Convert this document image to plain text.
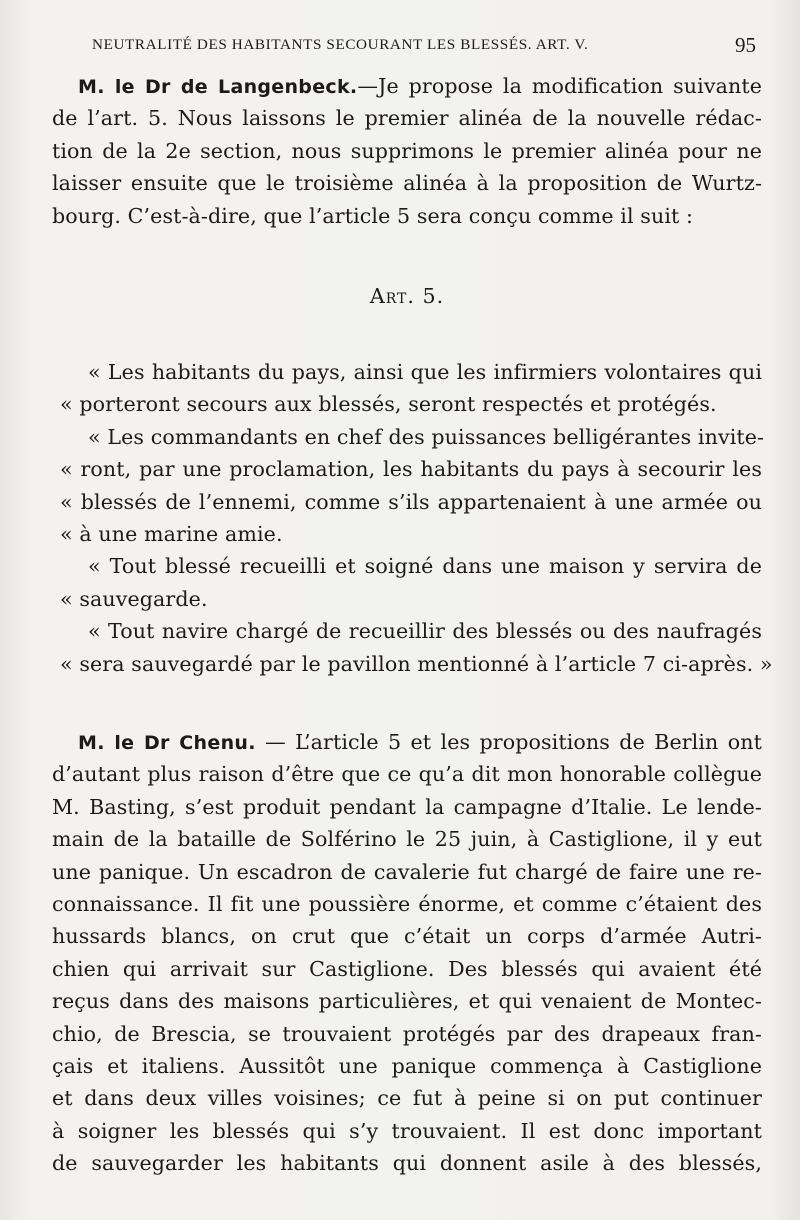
NEUTRALITÉ DES HABITANTS SECOURANT LES BLESSÉS. ART. V.	95
M. le Dr de Langenbeck.—Je propose la modification suivante
de l’art. 5. Nous laissons le premier alinéa de la nouvelle rédac-
tion de la 2e section, nous supprimons le premier alinéa pour ne
laisser ensuite que le troisième alinéa à la proposition de Wurtz-
bourg. C’est-à-dire, que l’article 5 sera conçu comme il suit :
Art. 5.
« Les habitants du pays, ainsi que les infirmiers volontaires qui
« porteront secours aux blessés, seront respectés et protégés.
« Les commandants en chef des puissances belligérantes invite-
« ront, par une proclamation, les habitants du pays à secourir les
« blessés de l’ennemi, comme s’ils appartenaient à une armée ou
« à une marine amie.
« Tout blessé recueilli et soigné dans une maison y servira de
« sauvegarde.
« Tout navire chargé de recueillir des blessés ou des naufragés
« sera sauvegardé par le pavillon mentionné à l’article 7 ci-après. »
M. le Dr Chenu. — L’article 5 et les propositions de Berlin ont
d’autant plus raison d’être que ce qu’a dit mon honorable collègue
M. Basting, s’est produit pendant la campagne d’Italie. Le lende-
main de la bataille de Solférino le 25 juin, à Castiglione, il y eut
une panique. Un escadron de cavalerie fut chargé de faire une re-
connaissance. Il fit une poussière énorme, et comme c’étaient des
hussards blancs, on crut que c’était un corps d’armée Autri-
chien qui arrivait sur Castiglione. Des blessés qui avaient été
reçus dans des maisons particulières, et qui venaient de Montec-
chio, de Brescia, se trouvaient protégés par des drapeaux fran-
çais et italiens. Aussitôt une panique commença à Castiglione
et dans deux villes voisines; ce fut à peine si on put continuer
à soigner les blessés qui s’y trouvaient. Il est donc important
de sauvegarder les habitants qui donnent asile à des blessés,
